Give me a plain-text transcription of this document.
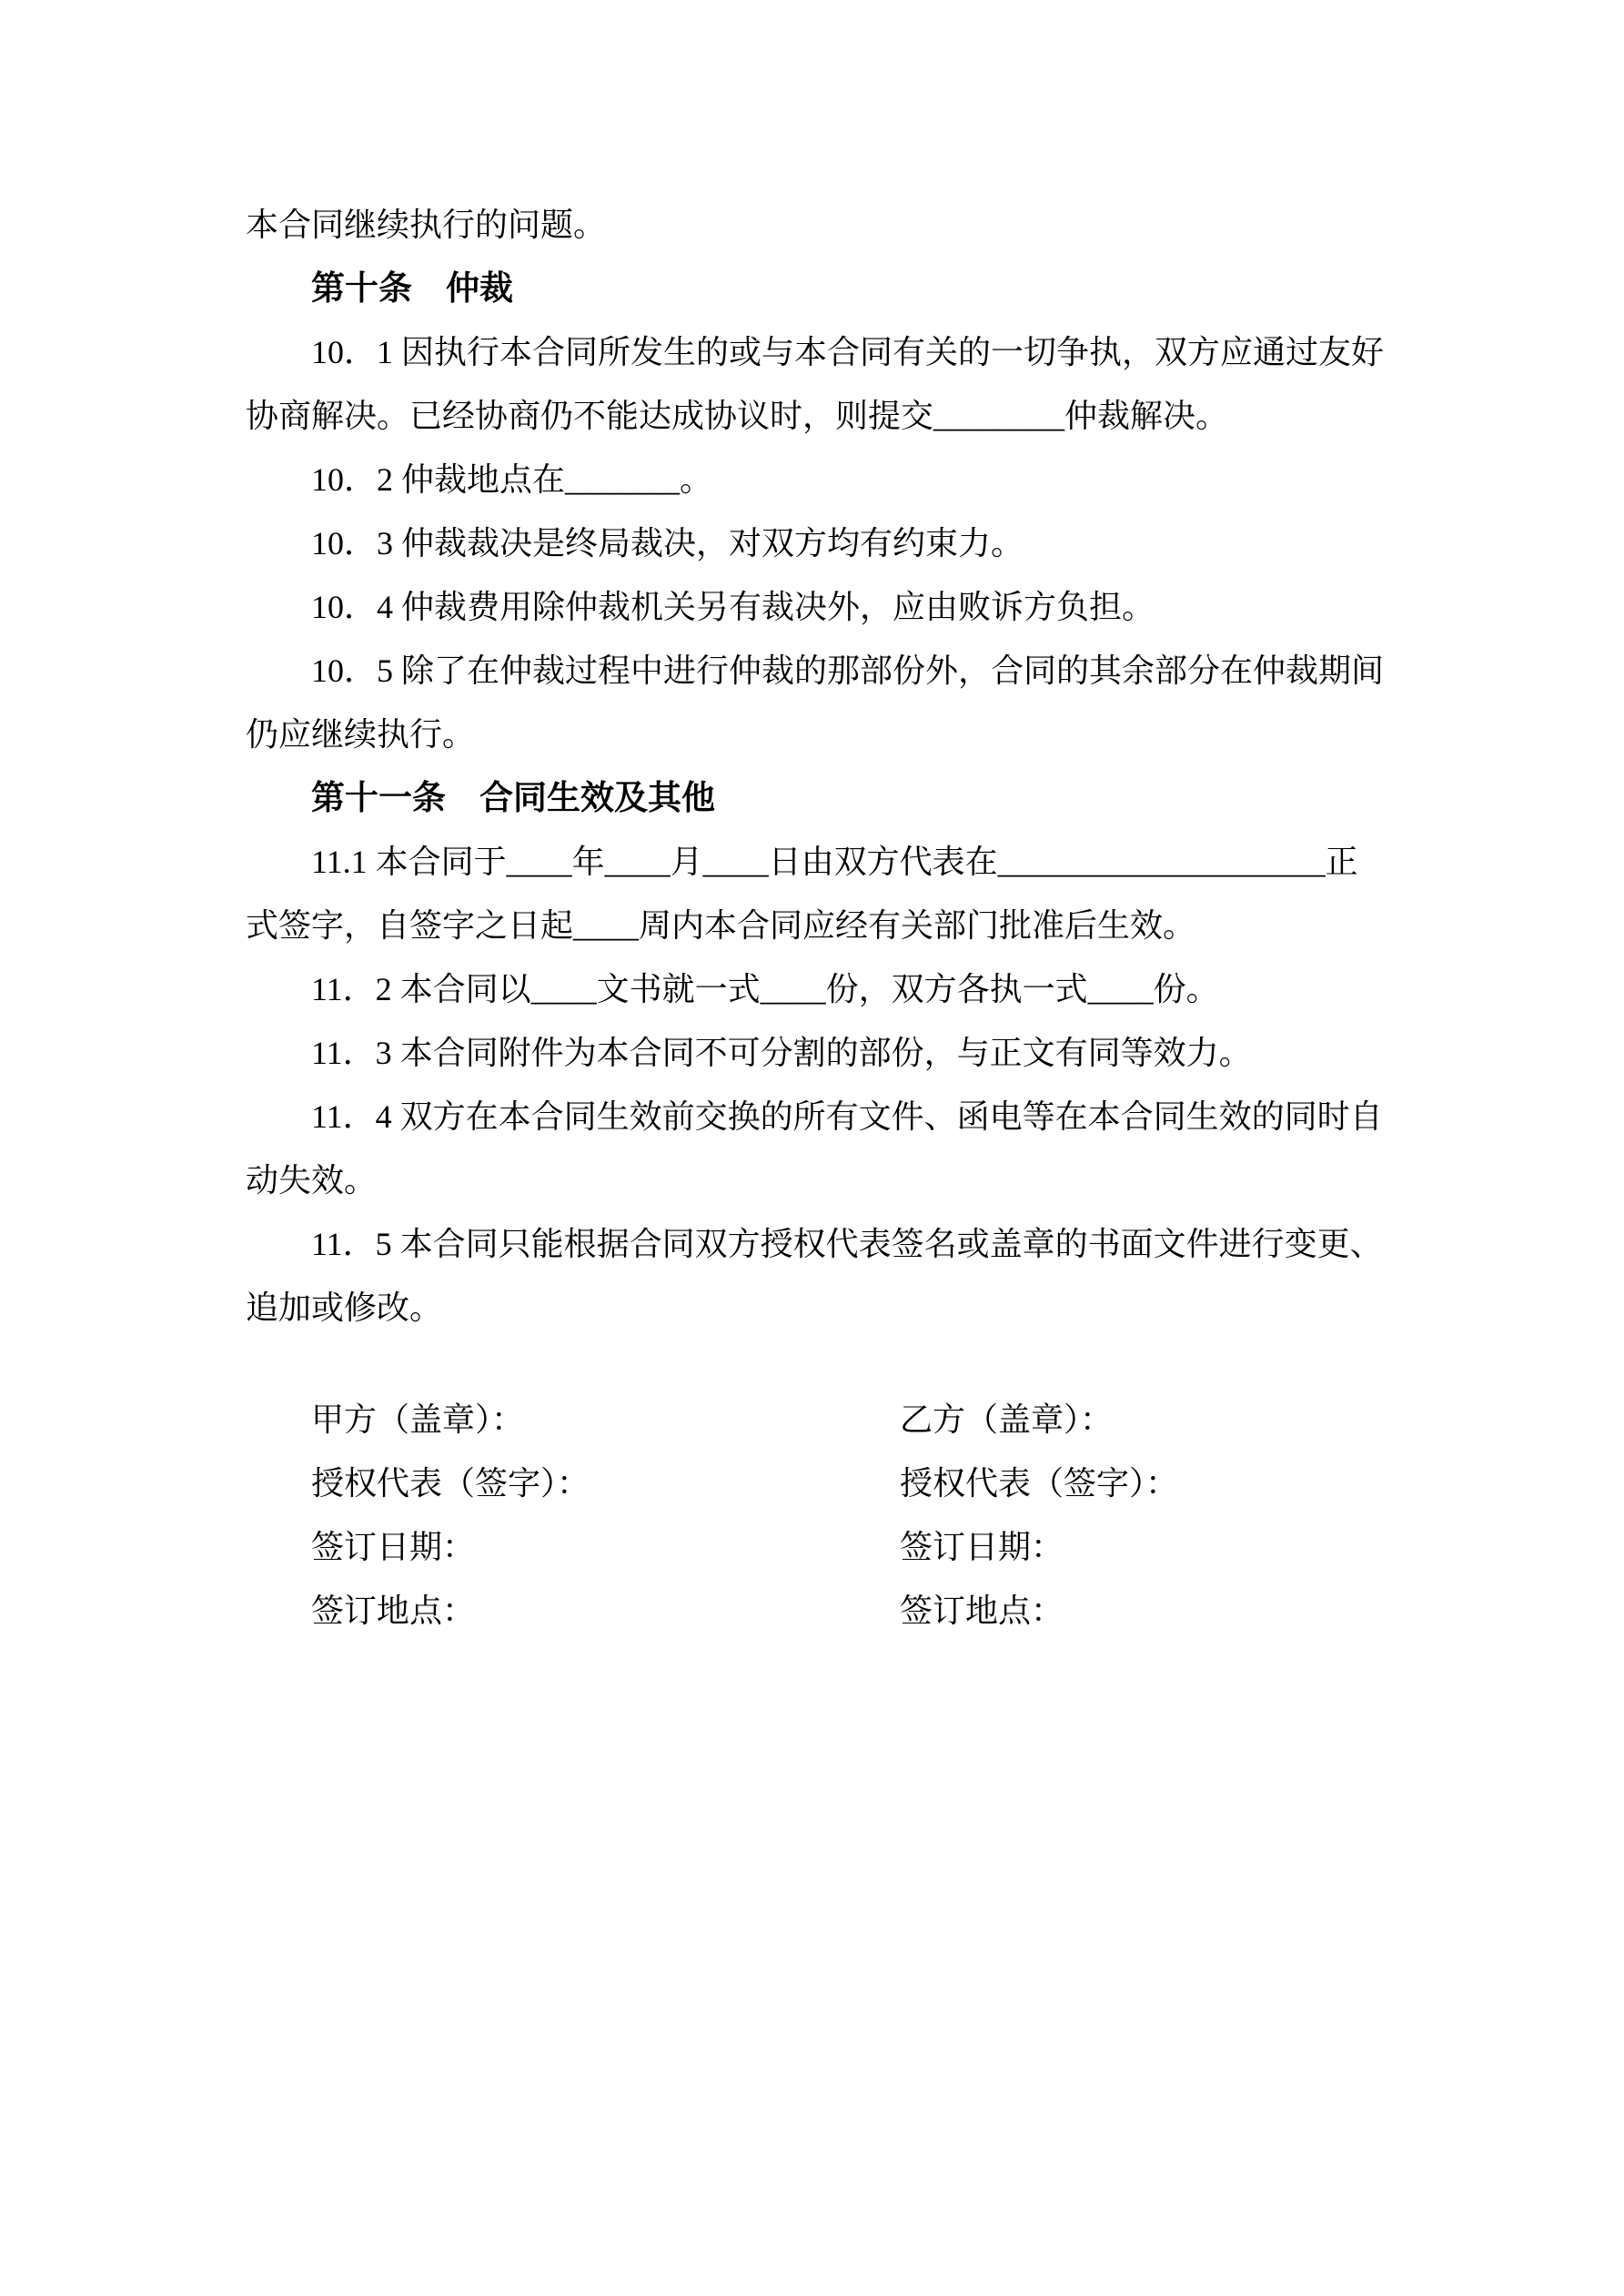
本合同继续执行的问题。

第十条　仲裁

10．1 因执行本合同所发生的或与本合同有关的一切争执，双方应通过友好

协商解决。已经协商仍不能达成协议时，则提交________仲裁解决。

10．2 仲裁地点在_______。

10．3 仲裁裁决是终局裁决，对双方均有约束力。

10．4 仲裁费用除仲裁机关另有裁决外，应由败诉方负担。

10．5 除了在仲裁过程中进行仲裁的那部份外，合同的其余部分在仲裁期间

仍应继续执行。

第十一条　合同生效及其他

11.1 本合同于____年____月____日由双方代表在____________________正

式签字，自签字之日起____周内本合同应经有关部门批准后生效。

11．2 本合同以____文书就一式____份，双方各执一式____份。

11．3 本合同附件为本合同不可分割的部份，与正文有同等效力。

11．4 双方在本合同生效前交换的所有文件、函电等在本合同生效的同时自

动失效。

11．5 本合同只能根据合同双方授权代表签名或盖章的书面文件进行变更、

追加或修改。

甲方（盖章）：	乙方（盖章）：
授权代表（签字）：	授权代表（签字）：
签订日期：	签订日期：
签订地点：	签订地点：
